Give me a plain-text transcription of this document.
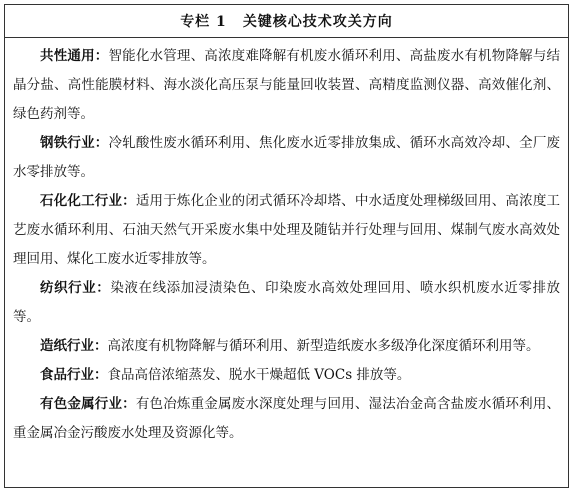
专栏 1 关键核心技术攻关方向

共性通用：智能化水管理、高浓度难降解有机废水循环利用、高盐废水有机物降解与结晶分盐、高性能膜材料、海水淡化高压泵与能量回收装置、高精度监测仪器、高效催化剂、绿色药剂等。

钢铁行业：冷轧酸性废水循环利用、焦化废水近零排放集成、循环水高效冷却、全厂废水零排放等。

石化化工行业：适用于炼化企业的闭式循环冷却塔、中水适度处理梯级回用、高浓度工艺废水循环利用、石油天然气开采废水集中处理及随钻并行处理与回用、煤制气废水高效处理回用、煤化工废水近零排放等。

纺织行业：染液在线添加浸渍染色、印染废水高效处理回用、喷水织机废水近零排放等。

造纸行业：高浓度有机物降解与循环利用、新型造纸废水多级净化深度循环利用等。

食品行业：食品高倍浓缩蒸发、脱水干燥超低 VOCs 排放等。

有色金属行业：有色冶炼重金属废水深度处理与回用、湿法冶金高含盐废水循环利用、重金属冶金污酸废水处理及资源化等。
